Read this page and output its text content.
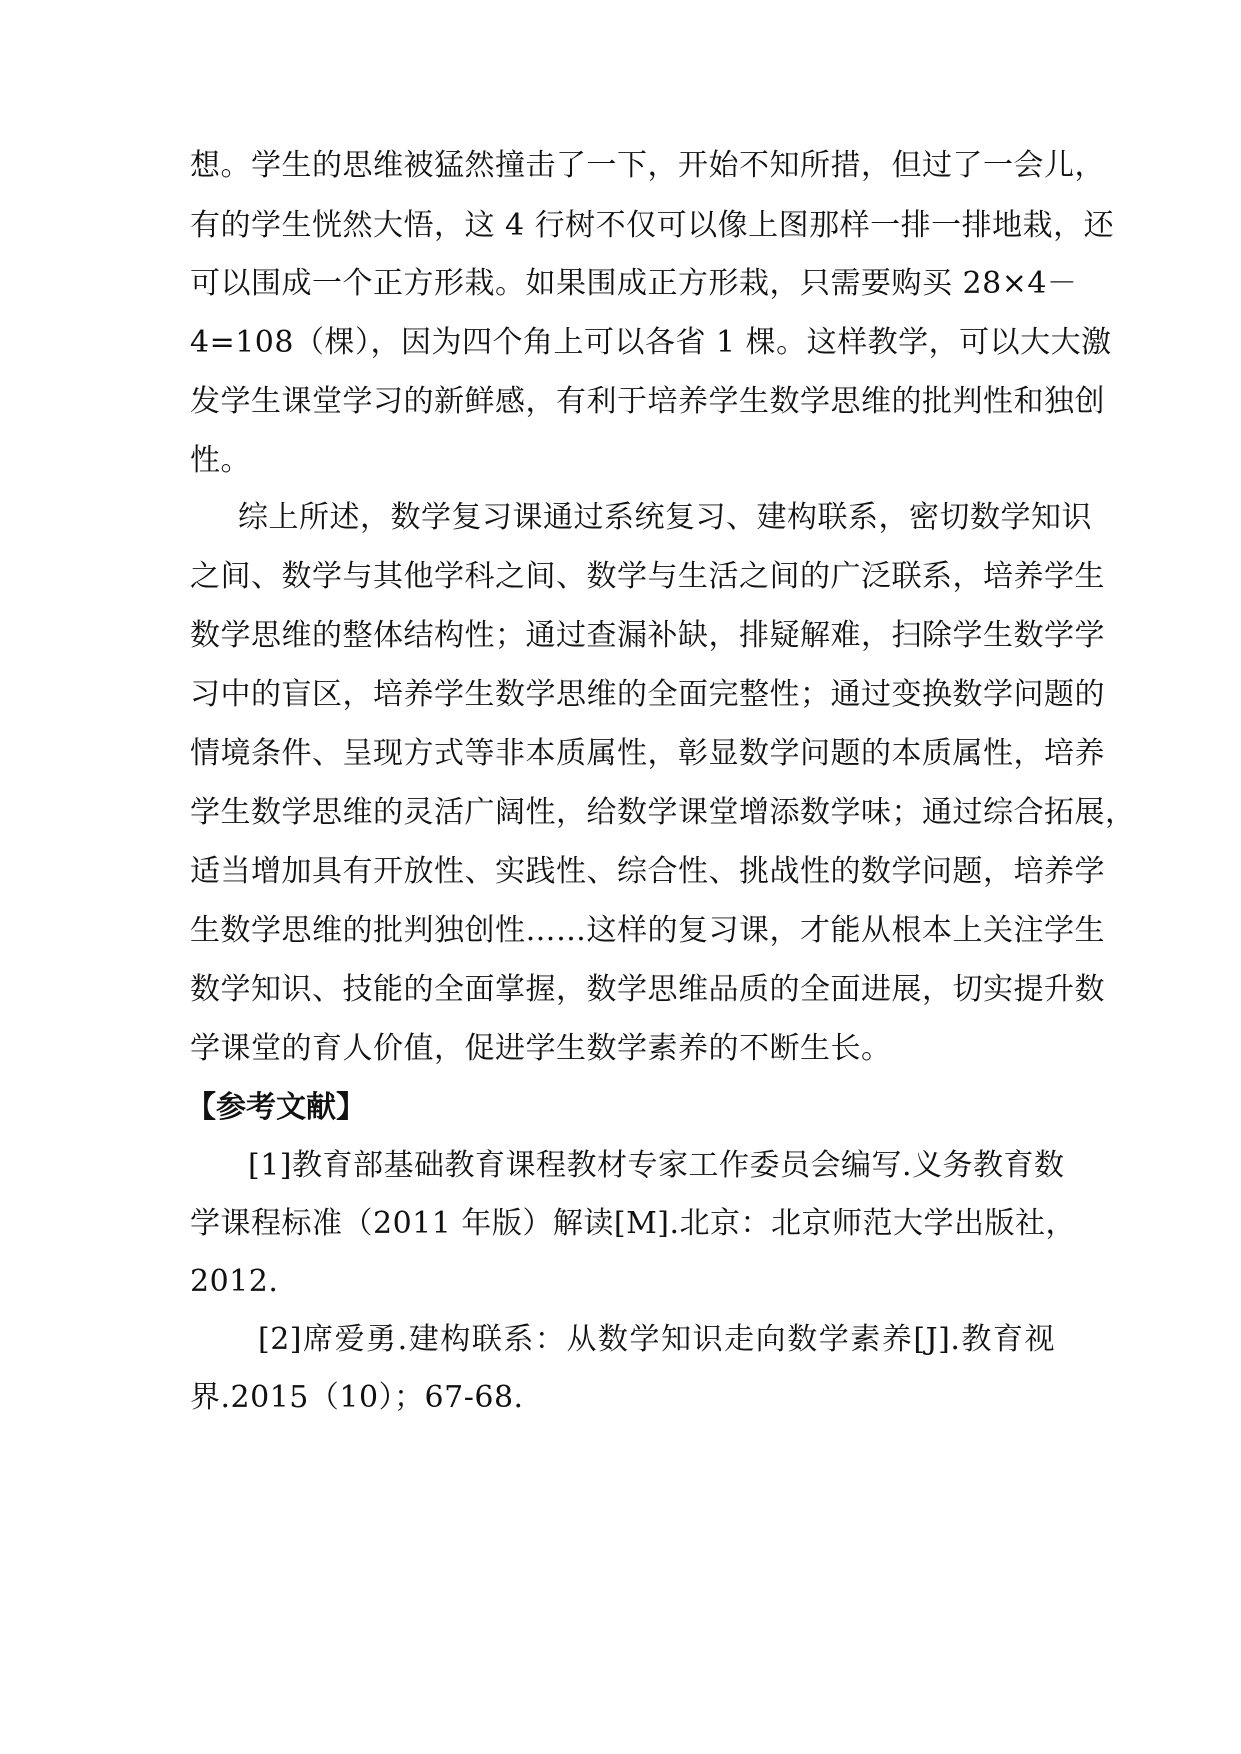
想。学生的思维被猛然撞击了一下，开始不知所措，但过了一会儿，
有的学生恍然大悟，这 4 行树不仅可以像上图那样一排一排地栽，还
可以围成一个正方形栽。如果围成正方形栽，只需要购买 28×4－
4=108（棵），因为四个角上可以各省 1 棵。这样教学，可以大大激
发学生课堂学习的新鲜感，有利于培养学生数学思维的批判性和独创
性。
综上所述，数学复习课通过系统复习、建构联系，密切数学知识
之间、数学与其他学科之间、数学与生活之间的广泛联系，培养学生
数学思维的整体结构性；通过查漏补缺，排疑解难，扫除学生数学学
习中的盲区，培养学生数学思维的全面完整性；通过变换数学问题的
情境条件、呈现方式等非本质属性，彰显数学问题的本质属性，培养
学生数学思维的灵活广阔性，给数学课堂增添数学味；通过综合拓展，
适当增加具有开放性、实践性、综合性、挑战性的数学问题，培养学
生数学思维的批判独创性……这样的复习课，才能从根本上关注学生
数学知识、技能的全面掌握，数学思维品质的全面进展，切实提升数
学课堂的育人价值，促进学生数学素养的不断生长。
【参考文献】
[1]教育部基础教育课程教材专家工作委员会编写.义务教育数
学课程标准（2011 年版）解读[M].北京：北京师范大学出版社，
2012.
[2]席爱勇.建构联系：从数学知识走向数学素养[J].教育视
界.2015（10）；67-68.
